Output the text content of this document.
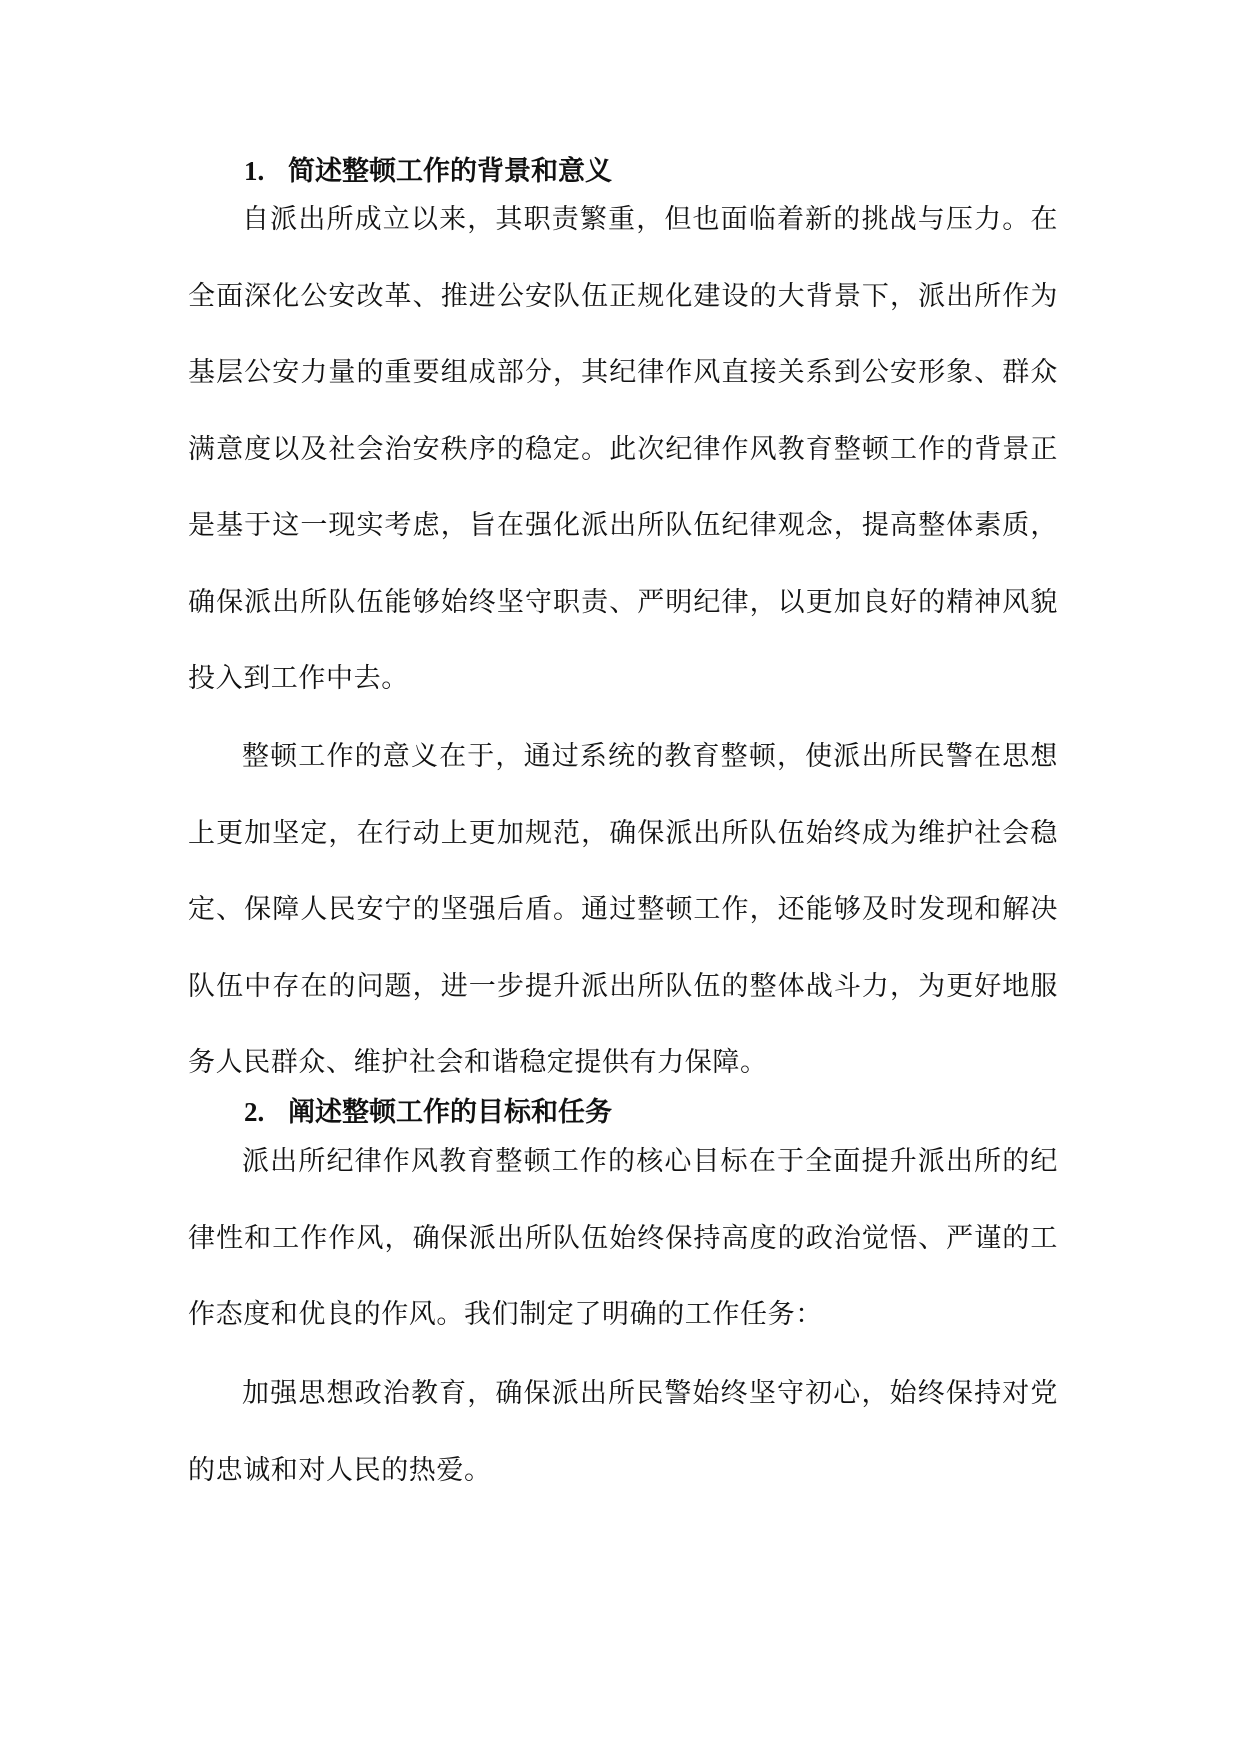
1. 简述整顿工作的背景和意义

自派出所成立以来，其职责繁重，但也面临着新的挑战与压力。在全面深化公安改革、推进公安队伍正规化建设的大背景下，派出所作为基层公安力量的重要组成部分，其纪律作风直接关系到公安形象、群众满意度以及社会治安秩序的稳定。此次纪律作风教育整顿工作的背景正是基于这一现实考虑，旨在强化派出所队伍纪律观念，提高整体素质，确保派出所队伍能够始终坚守职责、严明纪律，以更加良好的精神风貌投入到工作中去。

整顿工作的意义在于，通过系统的教育整顿，使派出所民警在思想上更加坚定，在行动上更加规范，确保派出所队伍始终成为维护社会稳定、保障人民安宁的坚强后盾。通过整顿工作，还能够及时发现和解决队伍中存在的问题，进一步提升派出所队伍的整体战斗力，为更好地服务人民群众、维护社会和谐稳定提供有力保障。

2. 阐述整顿工作的目标和任务

派出所纪律作风教育整顿工作的核心目标在于全面提升派出所的纪律性和工作作风，确保派出所队伍始终保持高度的政治觉悟、严谨的工作态度和优良的作风。我们制定了明确的工作任务：

加强思想政治教育，确保派出所民警始终坚守初心，始终保持对党的忠诚和对人民的热爱。
